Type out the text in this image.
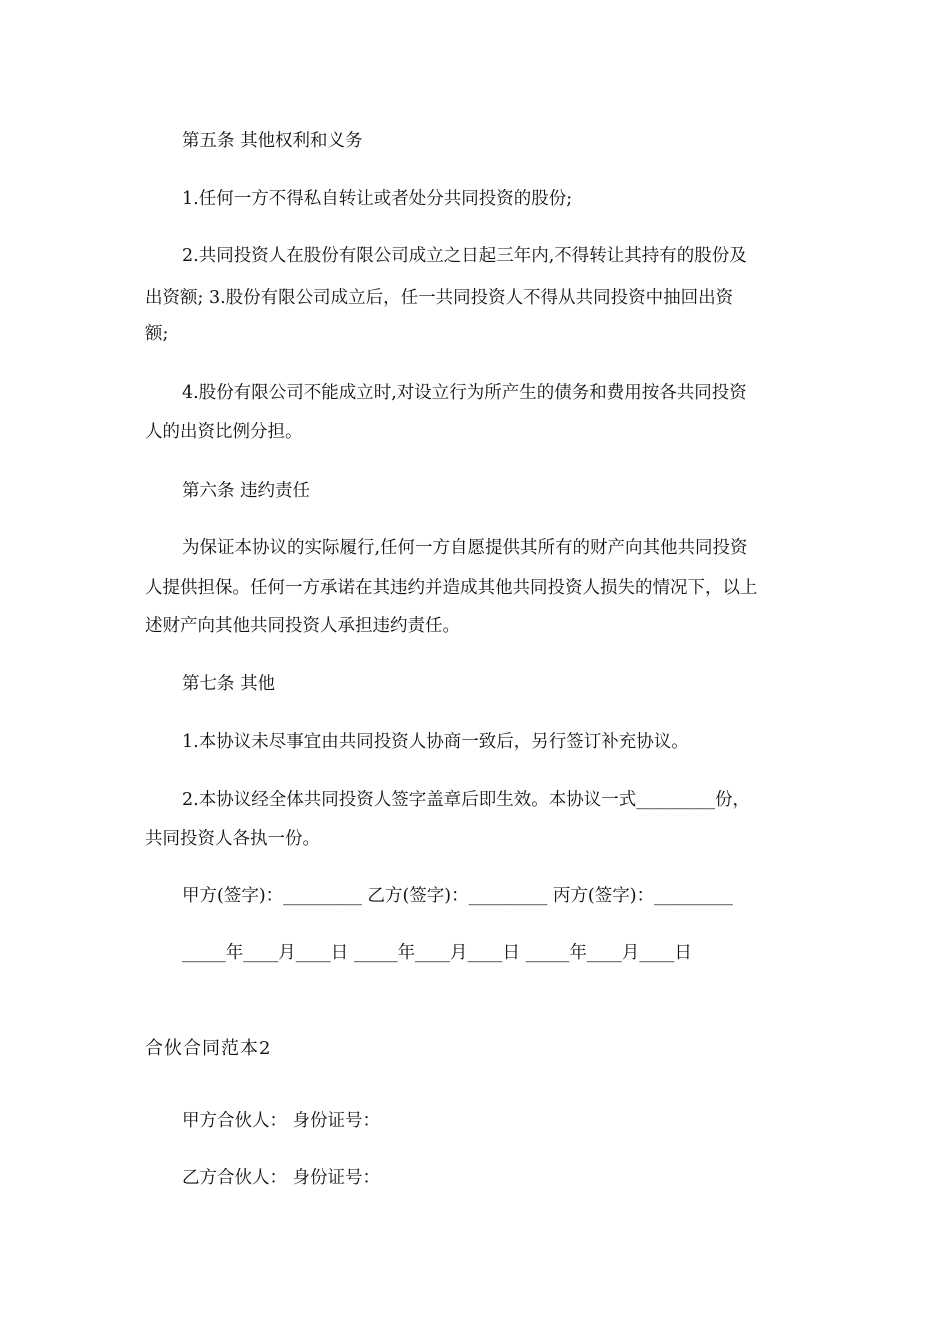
第五条 其他权利和义务
1.任何一方不得私自转让或者处分共同投资的股份;
2.共同投资人在股份有限公司成立之日起三年内,不得转让其持有的股份及
出资额; 3.股份有限公司成立后，任一共同投资人不得从共同投资中抽回出资
额;
4.股份有限公司不能成立时,对设立行为所产生的债务和费用按各共同投资
人的出资比例分担。
第六条 违约责任
为保证本协议的实际履行,任何一方自愿提供其所有的财产向其他共同投资
人提供担保。任何一方承诺在其违约并造成其他共同投资人损失的情况下，以上
述财产向其他共同投资人承担违约责任。
第七条 其他
1.本协议未尽事宜由共同投资人协商一致后，另行签订补充协议。
2.本协议经全体共同投资人签字盖章后即生效。本协议一式_________份，
共同投资人各执一份。
甲方(签字)：_________ 乙方(签字)：_________ 丙方(签字)：_________
_____年____月____日 _____年____月____日 _____年____月____日
合伙合同范本2
甲方合伙人： 身份证号：
乙方合伙人： 身份证号：
